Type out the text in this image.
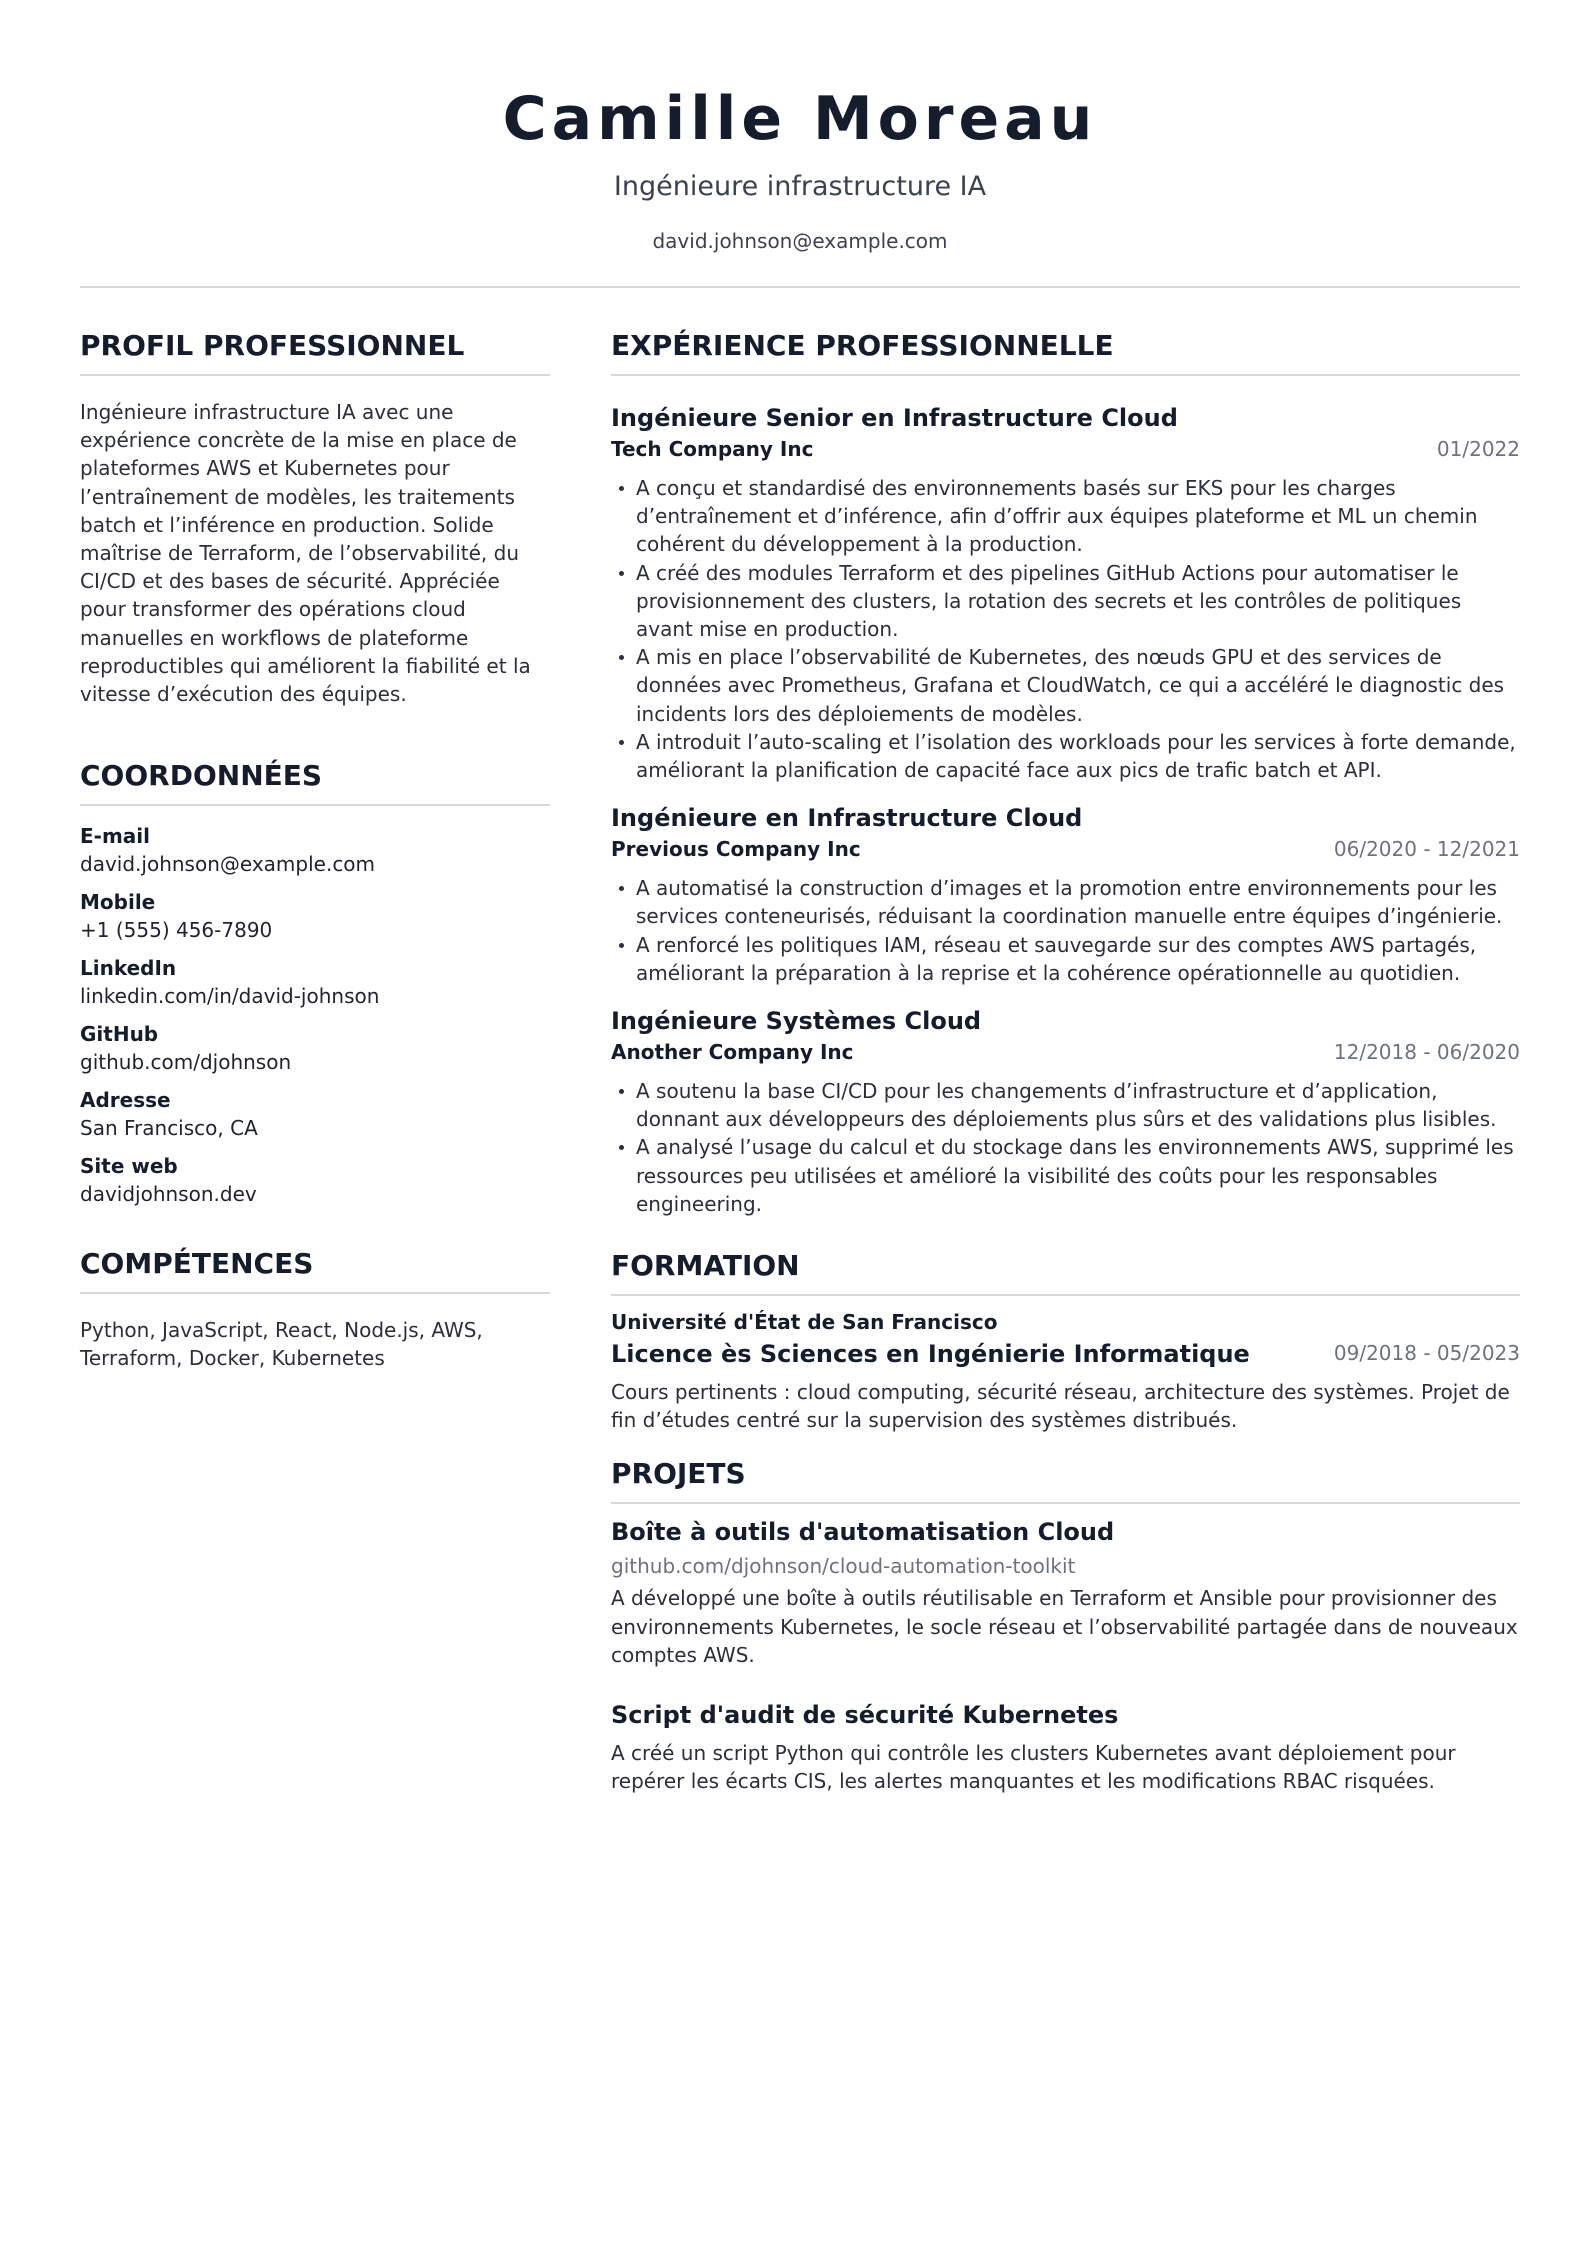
Camille Moreau
Ingénieure infrastructure IA
david.johnson@example.com
PROFIL PROFESSIONNEL
Ingénieure infrastructure IA avec une expérience concrète de la mise en place de plateformes AWS et Kubernetes pour l’entraînement de modèles, les traitements batch et l’inférence en production. Solide maîtrise de Terraform, de l’observabilité, du CI/CD et des bases de sécurité. Appréciée pour transformer des opérations cloud manuelles en workflows de plateforme reproductibles qui améliorent la fiabilité et la vitesse d’exécution des équipes.
COORDONNÉES
E-mail
david.johnson@example.com
Mobile
+1 (555) 456-7890
LinkedIn
linkedin.com/in/david-johnson
GitHub
github.com/djohnson
Adresse
San Francisco, CA
Site web
davidjohnson.dev
COMPÉTENCES
Python, JavaScript, React, Node.js, AWS, Terraform, Docker, Kubernetes
EXPÉRIENCE PROFESSIONNELLE
Ingénieure Senior en Infrastructure Cloud
Tech Company Inc	01/2022
A conçu et standardisé des environnements basés sur EKS pour les charges d’entraînement et d’inférence, afin d’offrir aux équipes plateforme et ML un chemin cohérent du développement à la production.
A créé des modules Terraform et des pipelines GitHub Actions pour automatiser le provisionnement des clusters, la rotation des secrets et les contrôles de politiques avant mise en production.
A mis en place l’observabilité de Kubernetes, des nœuds GPU et des services de données avec Prometheus, Grafana et CloudWatch, ce qui a accéléré le diagnostic des incidents lors des déploiements de modèles.
A introduit l’auto-scaling et l’isolation des workloads pour les services à forte demande, améliorant la planification de capacité face aux pics de trafic batch et API.
Ingénieure en Infrastructure Cloud
Previous Company Inc	06/2020 - 12/2021
A automatisé la construction d’images et la promotion entre environnements pour les services conteneurisés, réduisant la coordination manuelle entre équipes d’ingénierie.
A renforcé les politiques IAM, réseau et sauvegarde sur des comptes AWS partagés, améliorant la préparation à la reprise et la cohérence opérationnelle au quotidien.
Ingénieure Systèmes Cloud
Another Company Inc	12/2018 - 06/2020
A soutenu la base CI/CD pour les changements d’infrastructure et d’application, donnant aux développeurs des déploiements plus sûrs et des validations plus lisibles.
A analysé l’usage du calcul et du stockage dans les environnements AWS, supprimé les ressources peu utilisées et amélioré la visibilité des coûts pour les responsables engineering.
FORMATION
Université d'État de San Francisco
Licence ès Sciences en Ingénierie Informatique	09/2018 - 05/2023
Cours pertinents : cloud computing, sécurité réseau, architecture des systèmes. Projet de fin d’études centré sur la supervision des systèmes distribués.
PROJETS
Boîte à outils d'automatisation Cloud
github.com/djohnson/cloud-automation-toolkit
A développé une boîte à outils réutilisable en Terraform et Ansible pour provisionner des environnements Kubernetes, le socle réseau et l’observabilité partagée dans de nouveaux comptes AWS.
Script d'audit de sécurité Kubernetes
A créé un script Python qui contrôle les clusters Kubernetes avant déploiement pour repérer les écarts CIS, les alertes manquantes et les modifications RBAC risquées.
